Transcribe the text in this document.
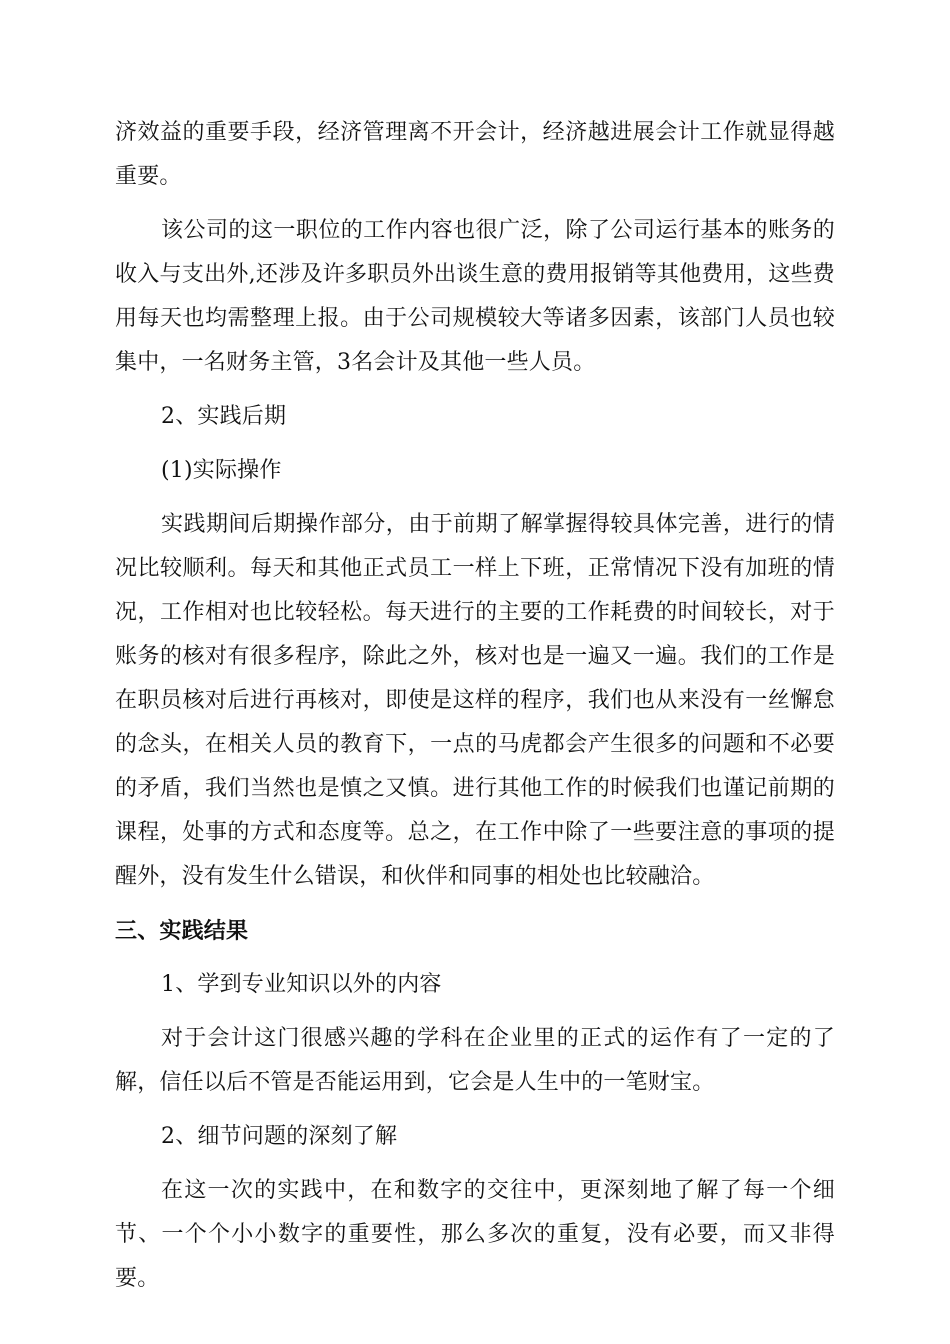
济效益的重要手段，经济管理离不开会计，经济越进展会计工作就显得越重要。

该公司的这一职位的工作内容也很广泛，除了公司运行基本的账务的收入与支出外,还涉及许多职员外出谈生意的费用报销等其他费用，这些费用每天也均需整理上报。由于公司规模较大等诸多因素，该部门人员也较集中，一名财务主管，3名会计及其他一些人员。

2、实践后期

(1)实际操作

实践期间后期操作部分，由于前期了解掌握得较具体完善，进行的情况比较顺利。每天和其他正式员工一样上下班，正常情况下没有加班的情况，工作相对也比较轻松。每天进行的主要的工作耗费的时间较长，对于账务的核对有很多程序，除此之外，核对也是一遍又一遍。我们的工作是在职员核对后进行再核对，即使是这样的程序，我们也从来没有一丝懈怠的念头，在相关人员的教育下，一点的马虎都会产生很多的问题和不必要的矛盾，我们当然也是慎之又慎。进行其他工作的时候我们也谨记前期的课程，处事的方式和态度等。总之，在工作中除了一些要注意的事项的提醒外，没有发生什么错误，和伙伴和同事的相处也比较融洽。

三、实践结果

1、学到专业知识以外的内容

对于会计这门很感兴趣的学科在企业里的正式的运作有了一定的了解，信任以后不管是否能运用到，它会是人生中的一笔财宝。

2、细节问题的深刻了解

在这一次的实践中，在和数字的交往中，更深刻地了解了每一个细节、一个个小小数字的重要性，那么多次的重复，没有必要，而又非得要。
